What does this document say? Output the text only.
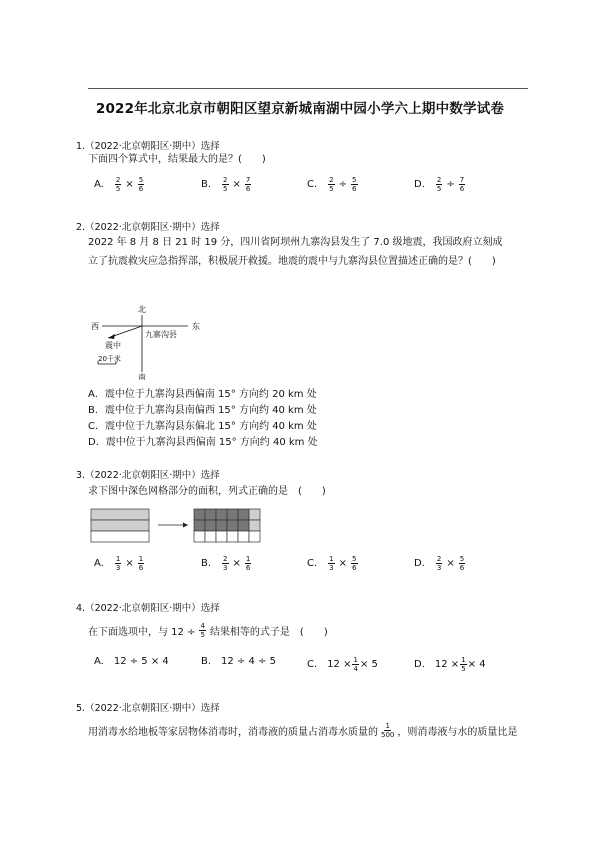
2022年北京北京市朝阳区望京新城南湖中园小学六上期中数学试卷
1.（2022·北京朝阳区·期中）选择
下面四个算式中，结果最大的是？(　　)
A. $\frac{2}{5} \times \frac{5}{6}$	B. $\frac{2}{5} \times \frac{7}{6}$	C. $\frac{2}{5} \div \frac{5}{6}$	D. $\frac{2}{5} \div \frac{7}{6}$
2.（2022·北京朝阳区·期中）选择
2022 年 8 月 8 日 21 时 19 分，四川省阿坝州九寨沟县发生了 7.0 级地震，我国政府立刻成
立了抗震救灾应急指挥部，积极展开救援。地震的震中与九寨沟县位置描述正确的是？(　　)
北
南
西	东
九寨沟县
震中
20千米
A．震中位于九寨沟县西偏南 15° 方向约 20 km 处
B．震中位于九寨沟县南偏西 15° 方向约 40 km 处
C．震中位于九寨沟县东偏北 15° 方向约 40 km 处
D．震中位于九寨沟县西偏南 15° 方向约 40 km 处
3.（2022·北京朝阳区·期中）选择
求下图中深色网格部分的面积，列式正确的是　(　　)
A. $\frac{1}{3} \times \frac{1}{6}$	B. $\frac{2}{3} \times \frac{1}{6}$	C. $\frac{1}{3} \times \frac{5}{6}$	D. $\frac{2}{3} \times \frac{5}{6}$
4.（2022·北京朝阳区·期中）选择
在下面选项中，与 $12 \div \frac{4}{5}$ 结果相等的式子是　(　　)
A. 12 ÷ 5 × 4	B. 12 ÷ 4 ÷ 5	C. $12 \times \frac{1}{4} \times 5$	D. $12 \times \frac{1}{5} \times 4$
5.（2022·北京朝阳区·期中）选择
用消毒水给地板等家居物体消毒时，消毒液的质量占消毒水质量的 $\frac{1}{500}$ ，则消毒液与水的质量比是
